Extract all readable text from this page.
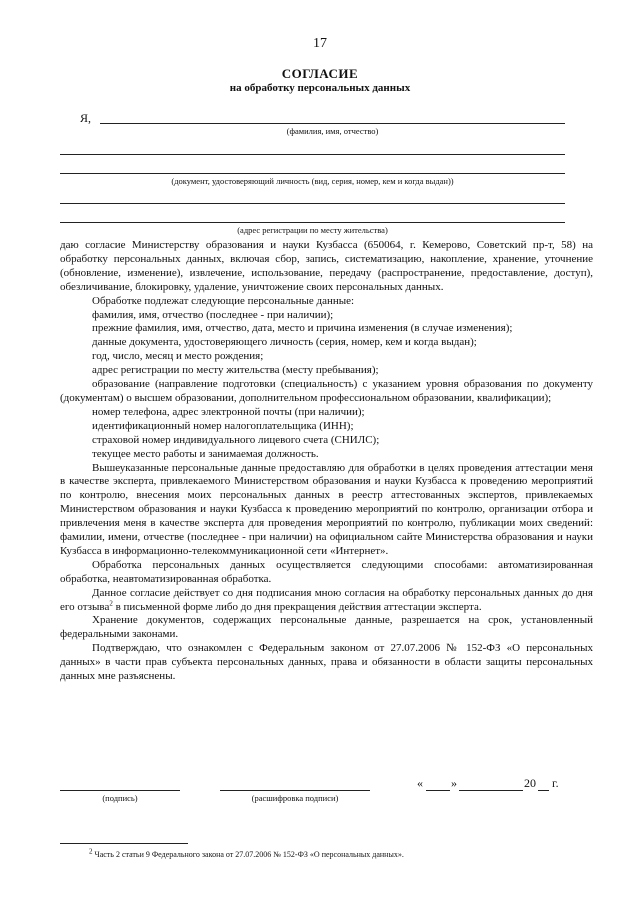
17
СОГЛАСИЕ
на обработку персональных данных
Я,
(фамилия, имя, отчество)
(документ, удостоверяющий личность (вид, серия, номер, кем и когда выдан))
(адрес регистрации по месту жительства)

даю согласие Министерству образования и науки Кузбасса (650064, г. Кемерово, Советский пр-т, 58) на обработку персональных данных, включая сбор, запись, систематизацию, накопление, хранение, уточнение (обновление, изменение), извлечение, использование, передачу (распространение, предоставление, доступ), обезличивание, блокировку, удаление, уничтожение своих персональных данных.

Обработке подлежат следующие персональные данные:

фамилия, имя, отчество (последнее - при наличии);

прежние фамилия, имя, отчество, дата, место и причина изменения (в случае изменения);

данные документа, удостоверяющего личность (серия, номер, кем и когда выдан);

год, число, месяц и место рождения;

адрес регистрации по месту жительства (месту пребывания);

образование (направление подготовки (специальность) с указанием уровня образования по документу (документам) о высшем образовании, дополнительном профессиональном образовании, квалификации);

номер телефона, адрес электронной почты (при наличии);

идентификационный номер налогоплательщика (ИНН);

страховой номер индивидуального лицевого счета (СНИЛС);

текущее место работы и занимаемая должность.

Вышеуказанные персональные данные предоставляю для обработки в целях проведения аттестации меня в качестве эксперта, привлекаемого Министерством образования и науки Кузбасса к проведению мероприятий по контролю, внесения моих персональных данных в реестр аттестованных экспертов, привлекаемых Министерством образования и науки Кузбасса к проведению мероприятий по контролю, организации отбора и привлечения меня в качестве эксперта для проведения мероприятий по контролю, публикации моих сведений: фамилии, имени, отчестве (последнее - при наличии) на официальном сайте Министерства образования и науки Кузбасса в информационно-телекоммуникационной сети «Интернет».

Обработка персональных данных осуществляется следующими способами: автоматизированная обработка, неавтоматизированная обработка.

Данное согласие действует со дня подписания мною согласия на обработку персональных данных до дня его отзыва$^2$ в письменной форме либо до дня прекращения действия аттестации эксперта.

Хранение документов, содержащих персональные данные, разрешается на срок, установленный федеральными законами.

Подтверждаю, что ознакомлен с Федеральным законом от 27.07.2006 № 152-ФЗ «О персональных данных» в части прав субъекта персональных данных, права и обязанности в области защиты персональных данных мне разъяснены.

(подпись)	(расшифровка подписи)
« »	20 г.
$^2$ Часть 2 статьи 9 Федерального закона от 27.07.2006 № 152-ФЗ «О персональных данных».
